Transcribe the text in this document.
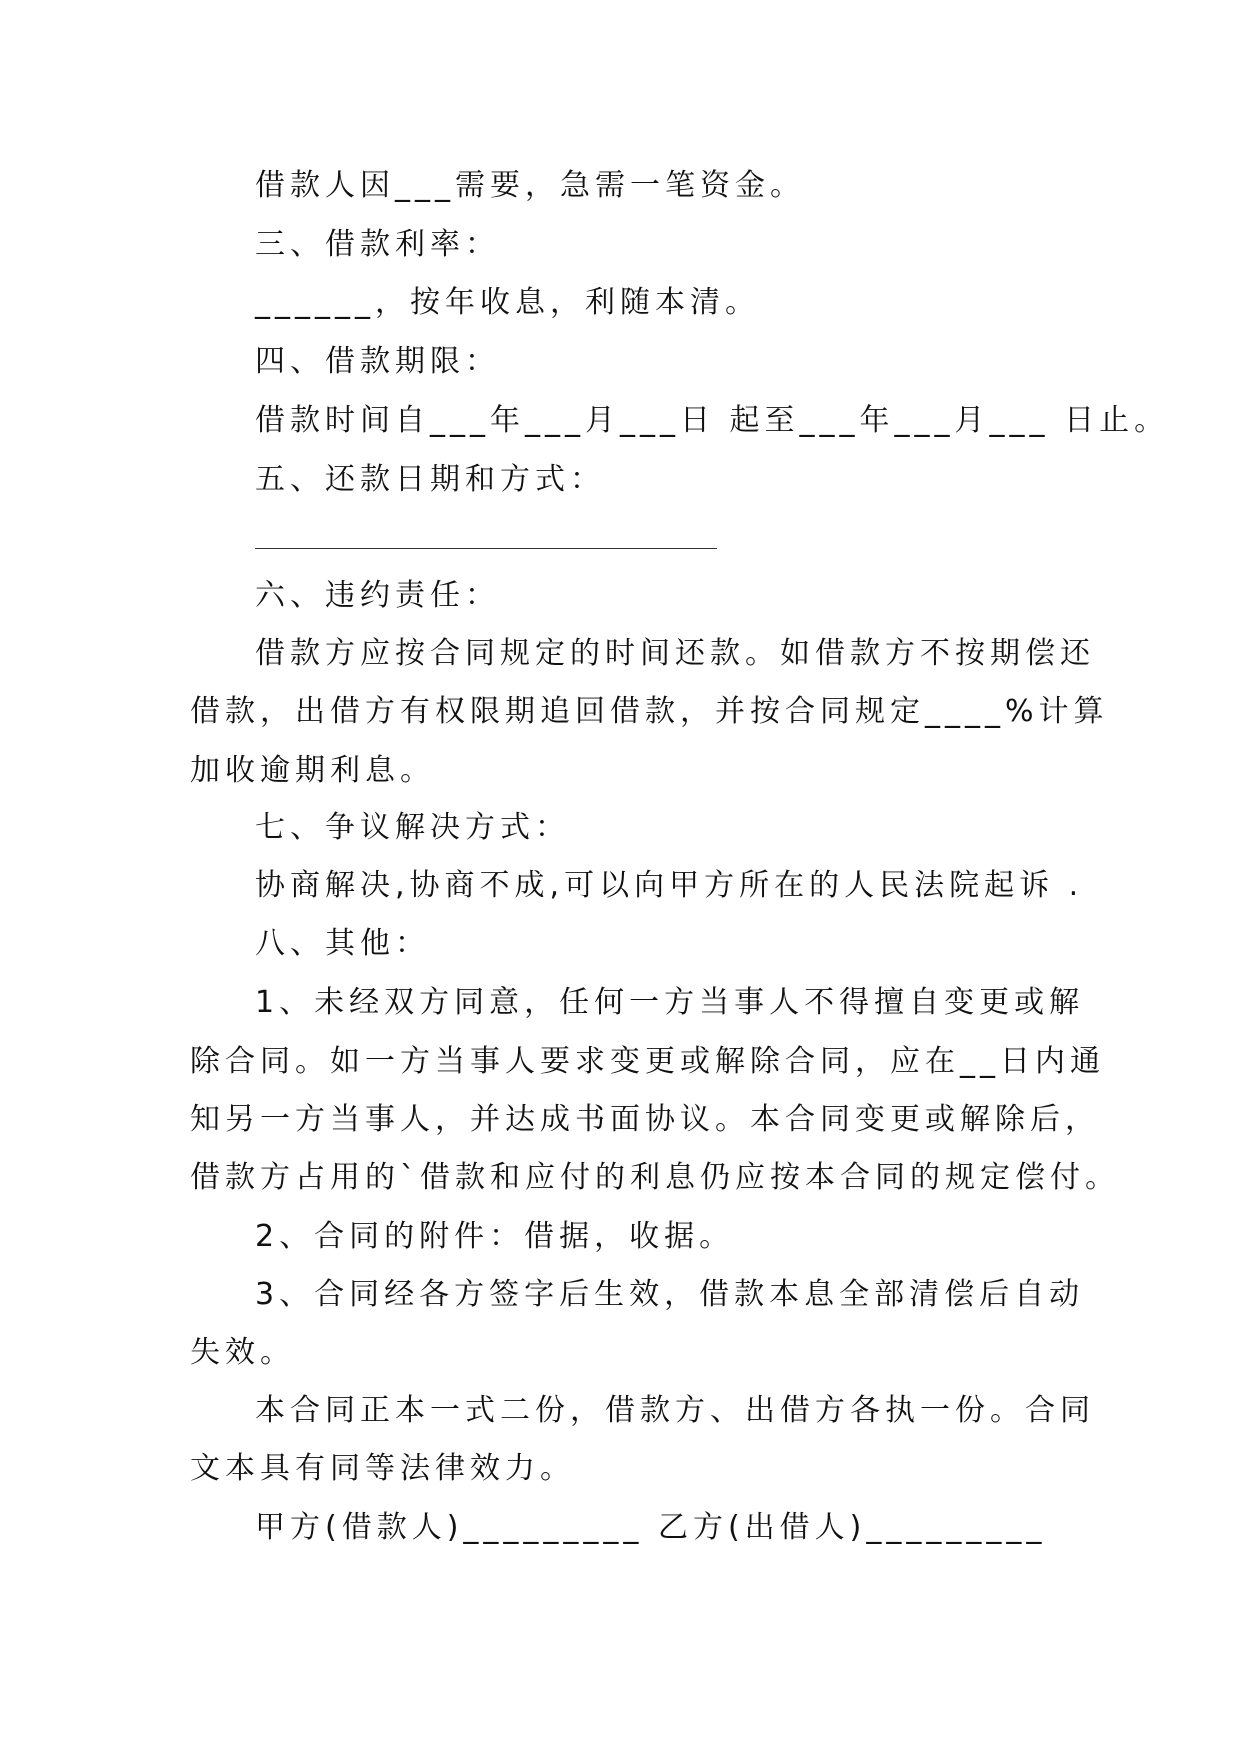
借款人因___需要，急需一笔资金。
三、借款利率：
______，按年收息，利随本清。
四、借款期限：
借款时间自___年___月___日 起至___年___月___ 日止。
五、还款日期和方式：
六、违约责任：
借款方应按合同规定的时间还款。如借款方不按期偿还
借款，出借方有权限期追回借款，并按合同规定____%计算
加收逾期利息。
七、争议解决方式：
协商解决,协商不成,可以向甲方所在的人民法院起诉 .
八、其他：
1、未经双方同意，任何一方当事人不得擅自变更或解
除合同。如一方当事人要求变更或解除合同，应在__日内通
知另一方当事人，并达成书面协议。本合同变更或解除后，
借款方占用的`借款和应付的利息仍应按本合同的规定偿付。
2、合同的附件：借据，收据。
3、合同经各方签字后生效，借款本息全部清偿后自动
失效。
本合同正本一式二份，借款方、出借方各执一份。合同
文本具有同等法律效力。
甲方(借款人)_________ 乙方(出借人)_________
